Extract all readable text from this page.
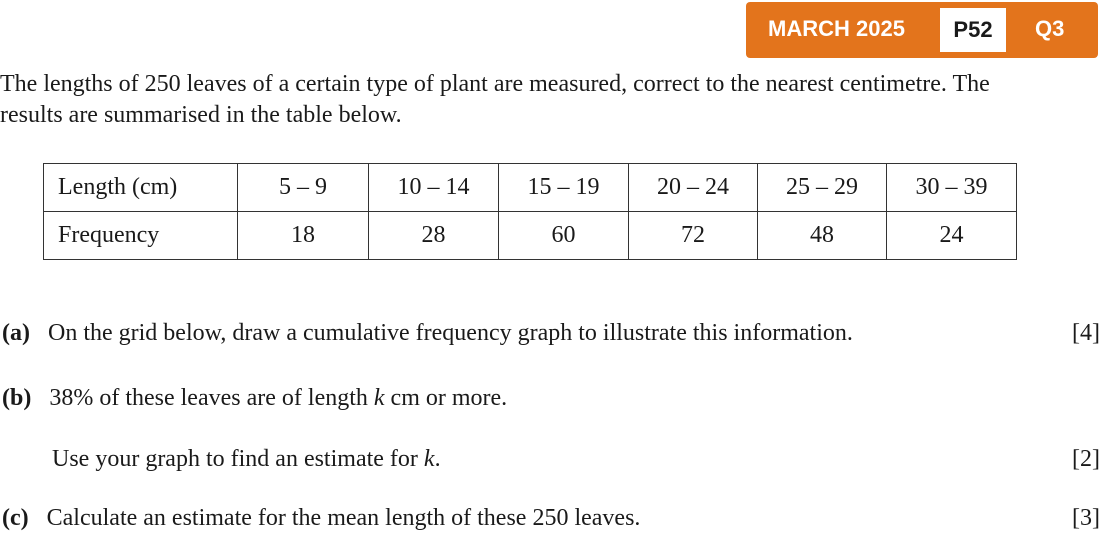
MARCH 2025	P52	Q3
The lengths of 250 leaves of a certain type of plant are measured, correct to the nearest centimetre. The
results are summarised in the table below.
Length (cm)	5 – 9	10 – 14	15 – 19	20 – 24	25 – 29	30 – 39
Frequency	18	28	60	72	48	24
(a) On the grid below, draw a cumulative frequency graph to illustrate this information.	[4]
(b) 38% of these leaves are of length k cm or more.
Use your graph to find an estimate for k.	[2]
(c) Calculate an estimate for the mean length of these 250 leaves.	[3]
